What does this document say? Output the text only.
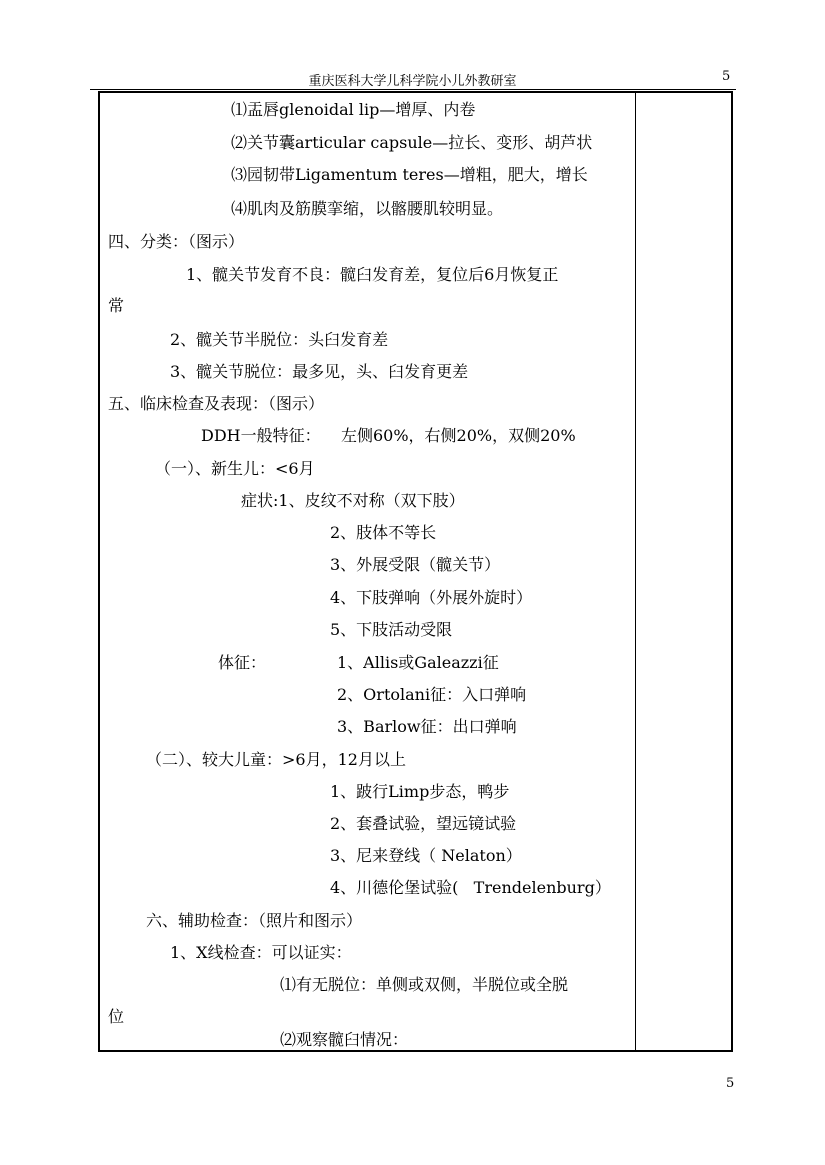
重庆医科大学儿科学院小儿外教研室	5
⑴盂唇glenoidal lip—增厚、内卷
⑵关节囊articular capsule—拉长、变形、胡芦状
⑶园韧带Ligamentum teres—增粗，肥大，增长
⑷肌肉及筋膜挛缩，以髂腰肌较明显。
四、分类：（图示）
1、髋关节发育不良：髋臼发育差，复位后6月恢复正
常
2、髋关节半脱位：头臼发育差
3、髋关节脱位：最多见，头、臼发育更差
五、临床检查及表现：（图示）
DDH一般特征：    左侧60%，右侧20%，双侧20%
（一）、新生儿：<6月
症状:1、皮纹不对称（双下肢）
2、肢体不等长
3、外展受限（髋关节）
4、下肢弹响（外展外旋时）
5、下肢活动受限
体征：	1、Allis或Galeazzi征
2、Ortolani征：入口弹响
3、Barlow征：出口弹响
（二）、较大儿童：>6月，12月以上
1、跛行Limp步态，鸭步
2、套叠试验，望远镜试验
3、尼来登线（ Nelaton）
4、川德伦堡试验(   Trendelenburg）
六、辅助检查：（照片和图示）
1、X线检查：可以证实：
⑴有无脱位：单侧或双侧，半脱位或全脱
位
⑵观察髋臼情况：
5
